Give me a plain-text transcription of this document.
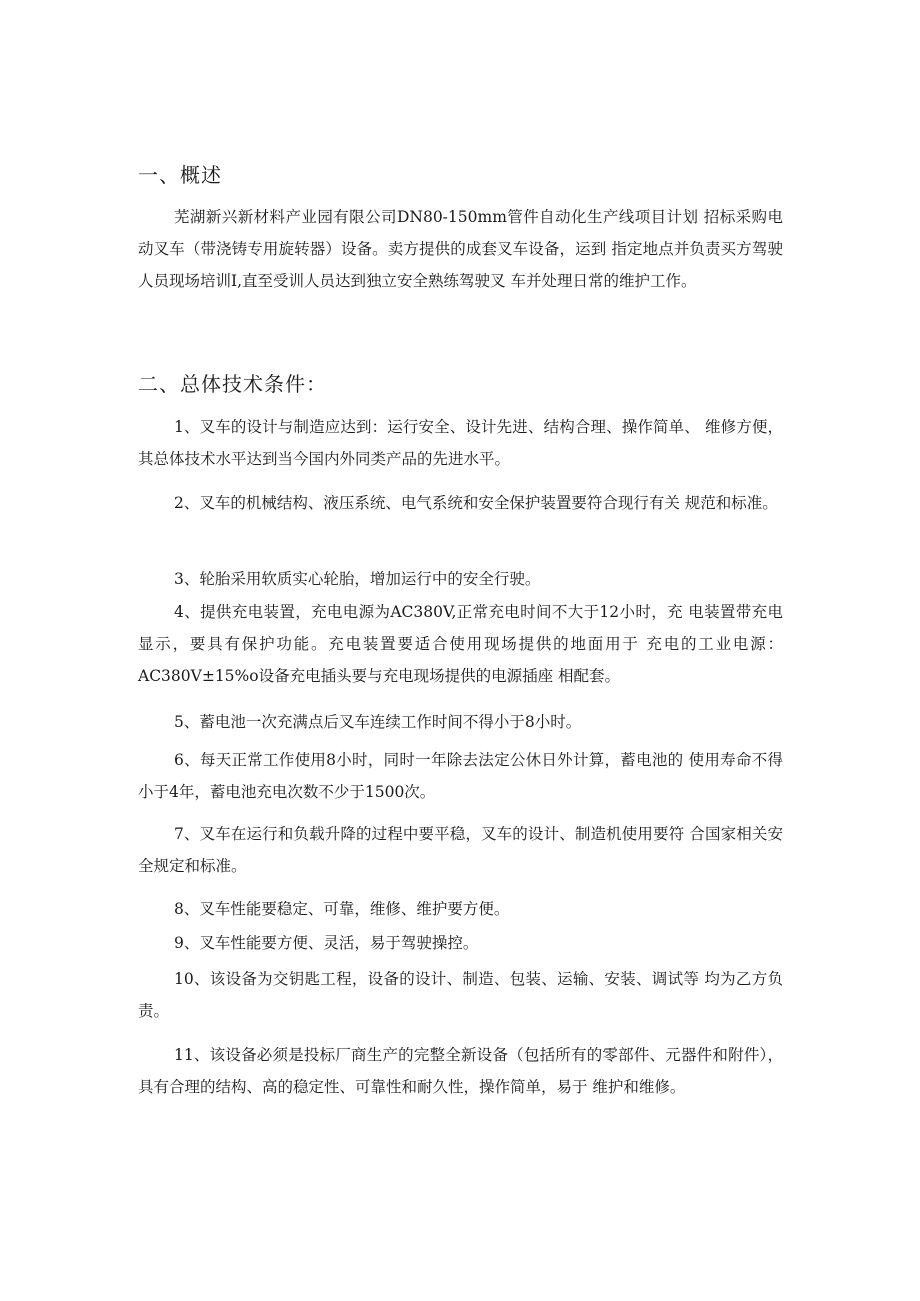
一、概述

芜湖新兴新材料产业园有限公司DN80-150mm管件自动化生产线项目计划 招标采购电动叉车（带浇铸专用旋转器）设备。卖方提供的成套叉车设备，运到 指定地点并负责买方驾驶人员现场培训I,直至受训人员达到独立安全熟练驾驶叉 车并处理日常的维护工作。

二、总体技术条件：

1、叉车的设计与制造应达到：运行安全、设计先进、结构合理、操作简单、 维修方便，其总体技术水平达到当今国内外同类产品的先进水平。

2、叉车的机械结构、液压系统、电气系统和安全保护装置要符合现行有关 规范和标准。

3、轮胎采用软质实心轮胎，增加运行中的安全行驶。

4、提供充电装置，充电电源为AC380V,正常充电时间不大于12小时，充 电装置带充电显示，要具有保护功能。充电装置要适合使用现场提供的地面用于 充电的工业电源：AC380V±15%o设备充电插头要与充电现场提供的电源插座 相配套。

5、蓄电池一次充满点后叉车连续工作时间不得小于8小时。

6、每天正常工作使用8小时，同时一年除去法定公休日外计算，蓄电池的 使用寿命不得小于4年，蓄电池充电次数不少于1500次。

7、叉车在运行和负载升降的过程中要平稳，叉车的设计、制造机使用要符 合国家相关安全规定和标准。

8、叉车性能要稳定、可靠，维修、维护要方便。

9、叉车性能要方便、灵活，易于驾驶操控。

10、该设备为交钥匙工程，设备的设计、制造、包装、运输、安装、调试等 均为乙方负责。

11、该设备必须是投标厂商生产的完整全新设备（包括所有的零部件、元器件和附件），具有合理的结构、高的稳定性、可靠性和耐久性，操作简单，易于 维护和维修。
